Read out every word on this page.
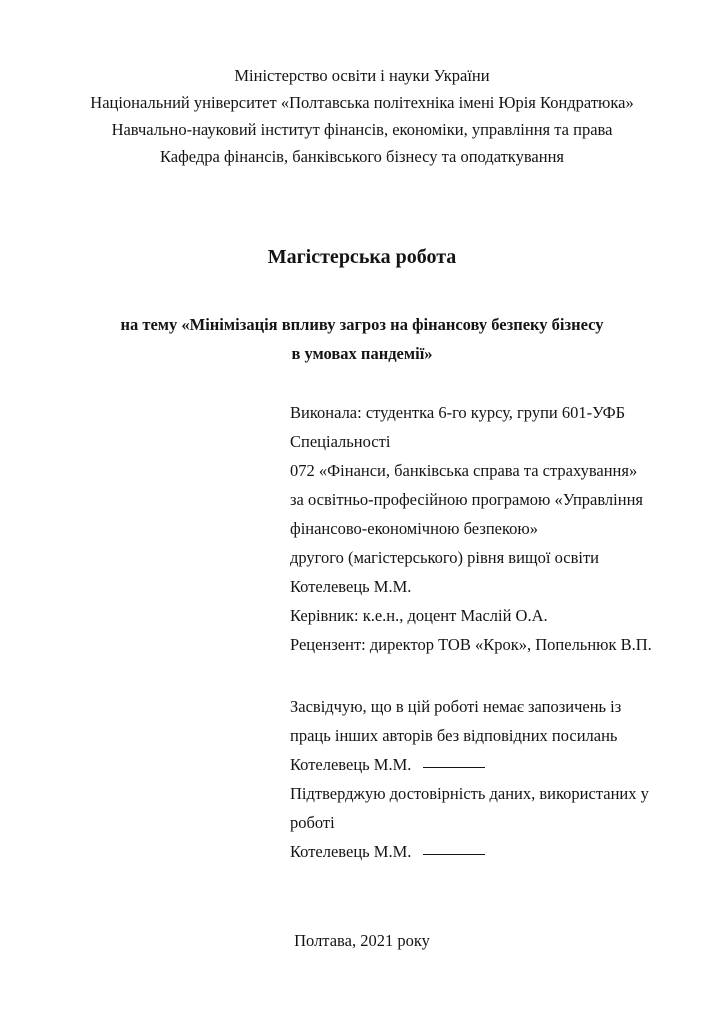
Міністерство освіти і науки України
Національний університет «Полтавська політехніка імені Юрія Кондратюка»
Навчально-науковий інститут фінансів, економіки, управління та права
Кафедра фінансів, банківського бізнесу та оподаткування
Магістерська робота
на тему «Мінімізація впливу загроз на фінансову безпеку бізнесу
в умовах пандемії»
Виконала: студентка 6-го курсу, групи 601-УФБ
Спеціальності
072 «Фінанси, банківська справа та страхування»
за освітньо-професійною програмою «Управління
фінансово-економічною безпекою»
другого (магістерського) рівня вищої освіти
Котелевець М.М.
Керівник: к.е.н., доцент Маслій О.А.
Рецензент: директор ТОВ «Крок», Попельнюк В.П.
Засвідчую, що в цій роботі немає запозичень із
праць інших авторів без відповідних посилань
Котелевець М.М.
Підтверджую достовірність даних, використаних у
роботі
Котелевець М.М.
Полтава, 2021 року
